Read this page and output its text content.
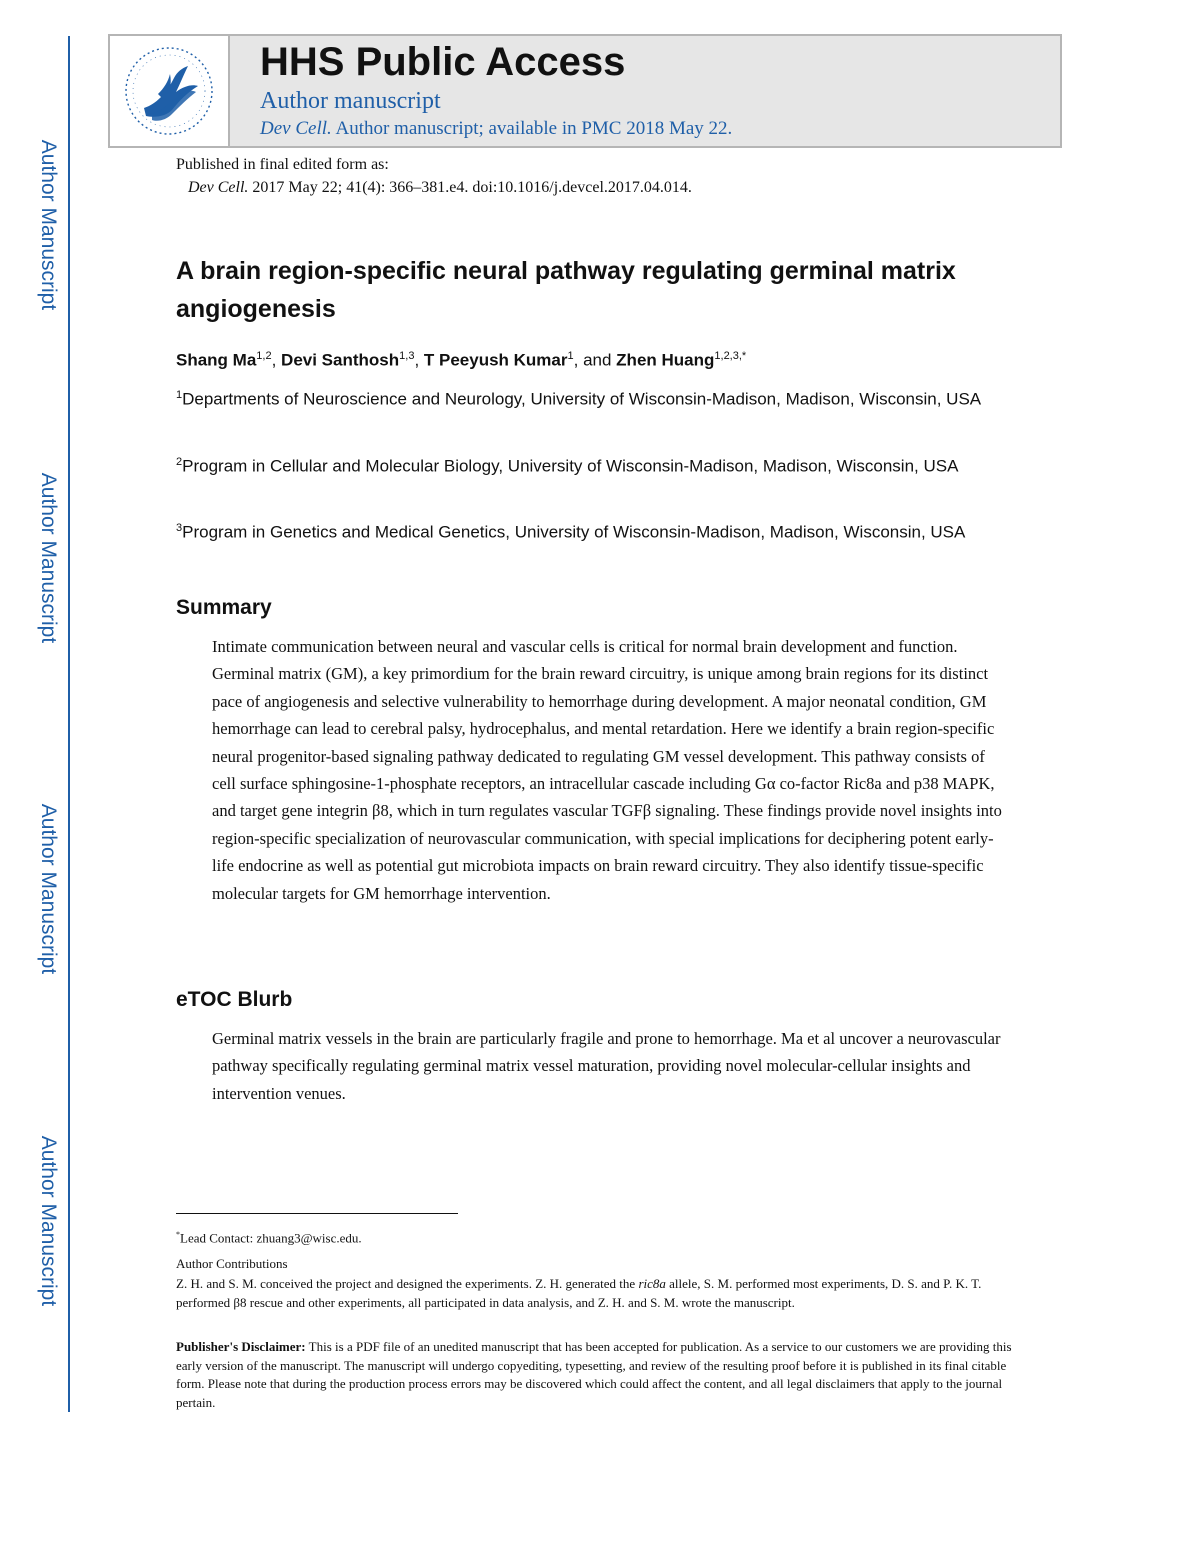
Author Manuscript
Author Manuscript
Author Manuscript
Author Manuscript
HHS Public Access
Author manuscript
Dev Cell. Author manuscript; available in PMC 2018 May 22.
Published in final edited form as:
Dev Cell. 2017 May 22; 41(4): 366–381.e4. doi:10.1016/j.devcel.2017.04.014.
A brain region-specific neural pathway regulating germinal matrix angiogenesis
Shang Ma$^{1,2}$, Devi Santhosh$^{1,3}$, T Peeyush Kumar$^1$, and Zhen Huang$^{1,2,3,*}$
$^1$Departments of Neuroscience and Neurology, University of Wisconsin-Madison, Madison, Wisconsin, USA
$^2$Program in Cellular and Molecular Biology, University of Wisconsin-Madison, Madison, Wisconsin, USA
$^3$Program in Genetics and Medical Genetics, University of Wisconsin-Madison, Madison, Wisconsin, USA
Summary
Intimate communication between neural and vascular cells is critical for normal brain development and function. Germinal matrix (GM), a key primordium for the brain reward circuitry, is unique among brain regions for its distinct pace of angiogenesis and selective vulnerability to hemorrhage during development. A major neonatal condition, GM hemorrhage can lead to cerebral palsy, hydrocephalus, and mental retardation. Here we identify a brain region-specific neural progenitor-based signaling pathway dedicated to regulating GM vessel development. This pathway consists of cell surface sphingosine-1-phosphate receptors, an intracellular cascade including Gα co-factor Ric8a and p38 MAPK, and target gene integrin β8, which in turn regulates vascular TGFβ signaling. These findings provide novel insights into region-specific specialization of neurovascular communication, with special implications for deciphering potent early-life endocrine as well as potential gut microbiota impacts on brain reward circuitry. They also identify tissue-specific molecular targets for GM hemorrhage intervention.
eTOC Blurb
Germinal matrix vessels in the brain are particularly fragile and prone to hemorrhage. Ma et al uncover a neurovascular pathway specifically regulating germinal matrix vessel maturation, providing novel molecular-cellular insights and intervention venues.
*Lead Contact: zhuang3@wisc.edu.
Author Contributions
Z. H. and S. M. conceived the project and designed the experiments. Z. H. generated the ric8a allele, S. M. performed most experiments, D. S. and P. K. T. performed β8 rescue and other experiments, all participated in data analysis, and Z. H. and S. M. wrote the manuscript.
Publisher's Disclaimer: This is a PDF file of an unedited manuscript that has been accepted for publication. As a service to our customers we are providing this early version of the manuscript. The manuscript will undergo copyediting, typesetting, and review of the resulting proof before it is published in its final citable form. Please note that during the production process errors may be discovered which could affect the content, and all legal disclaimers that apply to the journal pertain.
